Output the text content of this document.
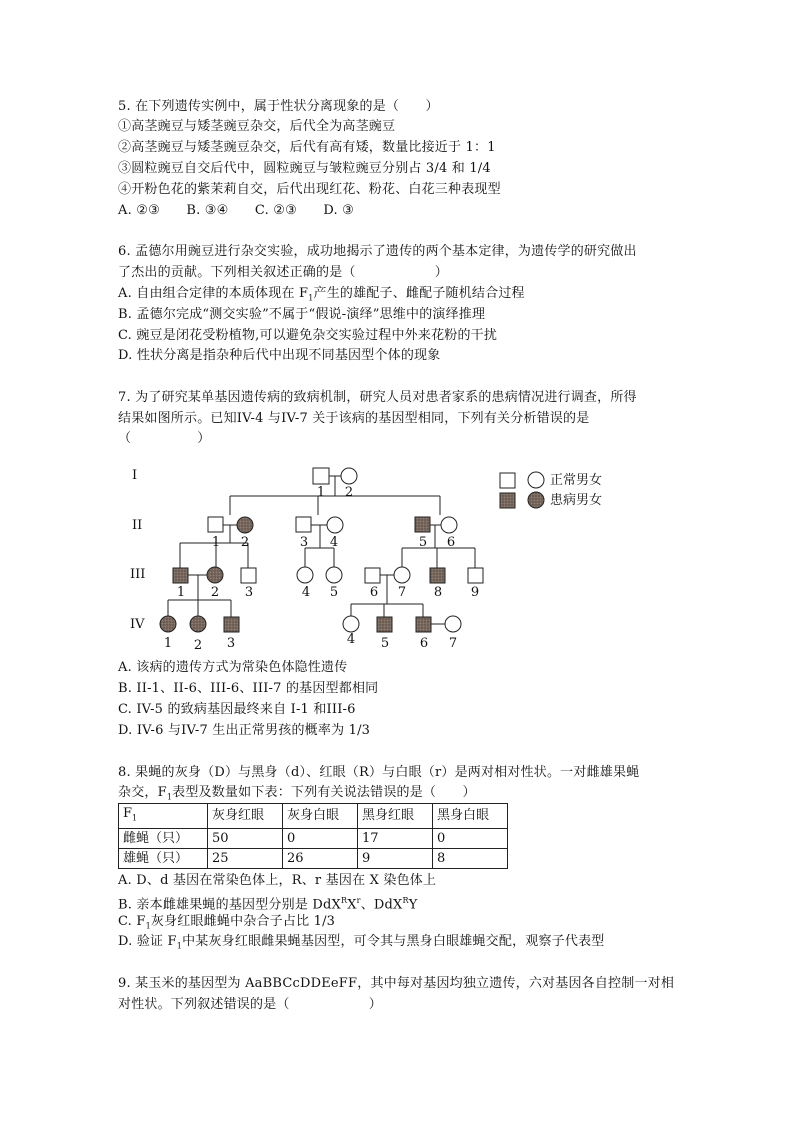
5. 在下列遗传实例中，属于性状分离现象的是（　　）
①高茎豌豆与矮茎豌豆杂交，后代全为高茎豌豆
②高茎豌豆与矮茎豌豆杂交，后代有高有矮，数量比接近于 1：1
③圆粒豌豆自交后代中，圆粒豌豆与皱粒豌豆分别占 3/4 和 1/4
④开粉色花的紫茉莉自交，后代出现红花、粉花、白花三种表现型
A. ②③　　B. ③④　　C. ②③　　D. ③
6. 孟德尔用豌豆进行杂交实验，成功地揭示了遗传的两个基本定律，为遗传学的研究做出
了杰出的贡献。下列相关叙述正确的是（　　　　　　）
A. 自由组合定律的本质体现在 $F_1$产生的雄配子、雌配子随机结合过程
B. 孟德尔完成“测交实验”不属于“假说-演绎”思维中的演绎推理
C. 豌豆是闭花受粉植物,可以避免杂交实验过程中外来花粉的干扰
D. 性状分离是指杂种后代中出现不同基因型个体的现象
7. 为了研究某单基因遗传病的致病机制，研究人员对患者家系的患病情况进行调查，所得
结果如图所示。已知IV-4 与IV-7 关于该病的基因型相同，下列有关分析错误的是
（　　　　　）
I
II
III
IV
1 2
1 2	3 4	5 6
1 2 3	4 5 6 7 8 9
1 2 3	4 5 6 7
正常男女
患病男女
A. 该病的遗传方式为常染色体隐性遗传
B. II-1、II-6、III-6、III-7 的基因型都相同
C. IV-5 的致病基因最终来自 I-1 和III-6
D. IV-6 与IV-7 生出正常男孩的概率为 1/3
8. 果蝇的灰身（D）与黑身（d）、红眼（R）与白眼（r）是两对相对性状。一对雌雄果蝇
杂交，$F_1$表型及数量如下表：下列有关说法错误的是（　　）
$F_1$	灰身红眼	灰身白眼	黑身红眼	黑身白眼
雌蝇（只）	50	0	17	0
雄蝇（只）	25	26	9	8
A. D、d 基因在常染色体上，R、r 基因在 X 染色体上
B. 亲本雌雄果蝇的基因型分别是 $DdX^RX^r$、DdX$^R$Y
C. $F_1$灰身红眼雌蝇中杂合子占比 1/3
D. 验证 $F_1$中某灰身红眼雌果蝇基因型，可令其与黑身白眼雄蝇交配，观察子代表型
9. 某玉米的基因型为 AaBBCcDDEeFF，其中每对基因均独立遗传，六对基因各自控制一对相
对性状。下列叙述错误的是（　　　　　　）
